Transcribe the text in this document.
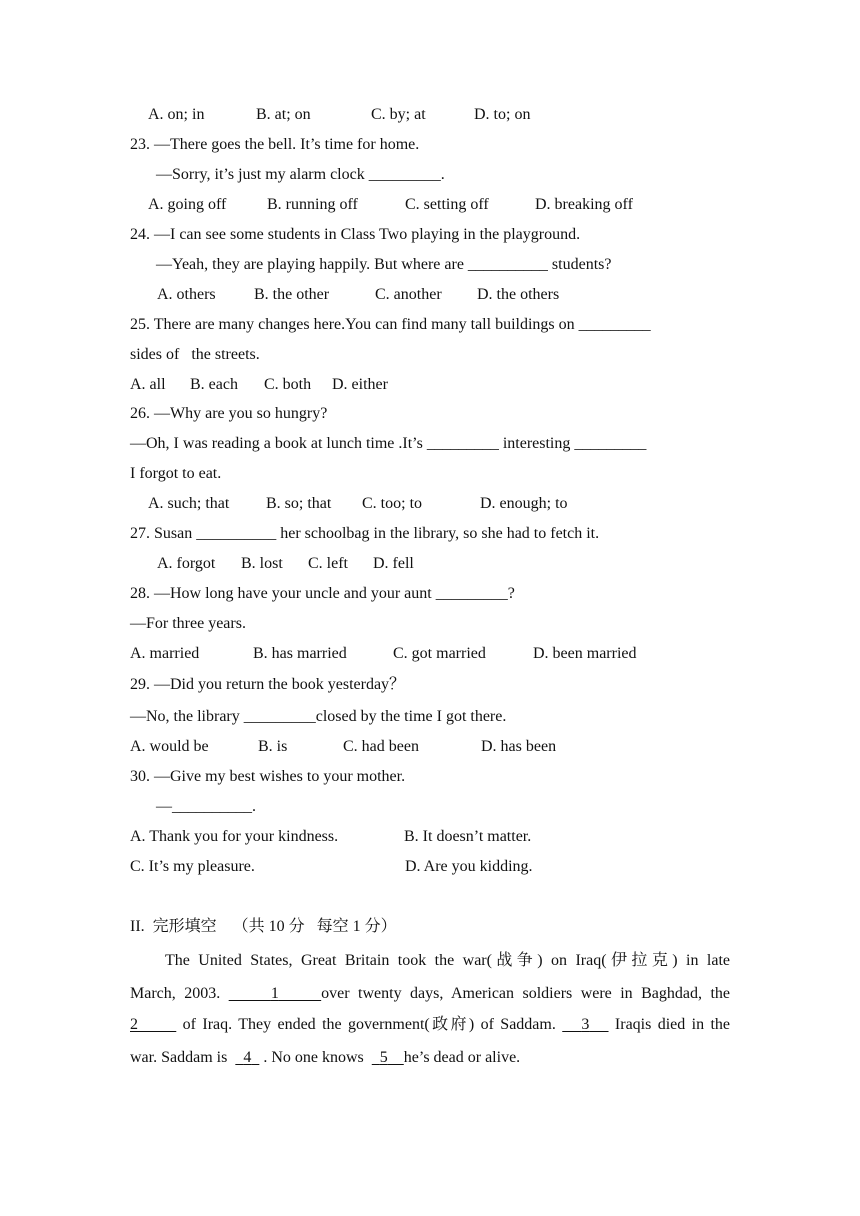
A. on; in	B. at; on	C. by; at	D. to; on
23. —There goes the bell. It’s time for home.
—Sorry, it’s just my alarm clock _________.
A. going off	B. running off	C. setting off	D. breaking off
24. —I can see some students in Class Two playing in the playground.
—Yeah, they are playing happily. But where are __________ students?
A. others B. the other	C. another D. the others
25. There are many changes here.You can find many tall buildings on _________
sides of   the streets.
A. all B. each C. both D. either
26. —Why are you so hungry?
—Oh, I was reading a book at lunch time .It’s _________ interesting _________
I forgot to eat.
A. such; that B. so; that C. too; to	D. enough; to
27. Susan __________ her schoolbag in the library, so she had to fetch it.
A. forgot B. lost C. left D. fell
28. —How long have your uncle and your aunt _________?
—For three years.
A. married	B. has married	C. got married	D. been married
29. —Did you return the book yesterday？
—No, the library _________closed by the time I got there.
A. would be	B. is	C. had been	D. has been
30. —Give my best wishes to your mother.
—__________.
A. Thank you for your kindness.	B. It doesn’t matter.
C. It’s my pleasure.	D. Are you kidding.
II.  完形填空    （共 10 分   每空 1 分）
The United States, Great Britain took the war(战争) on Iraq(伊拉克) in late
March, 2003.	1	over twenty days, American soldiers were in Baghdad, the
2	of Iraq. They ended the government(政府) of Saddam. 3 Iraqis died in the
war. Saddam is 4 . No one knows 5 he’s dead or alive.
